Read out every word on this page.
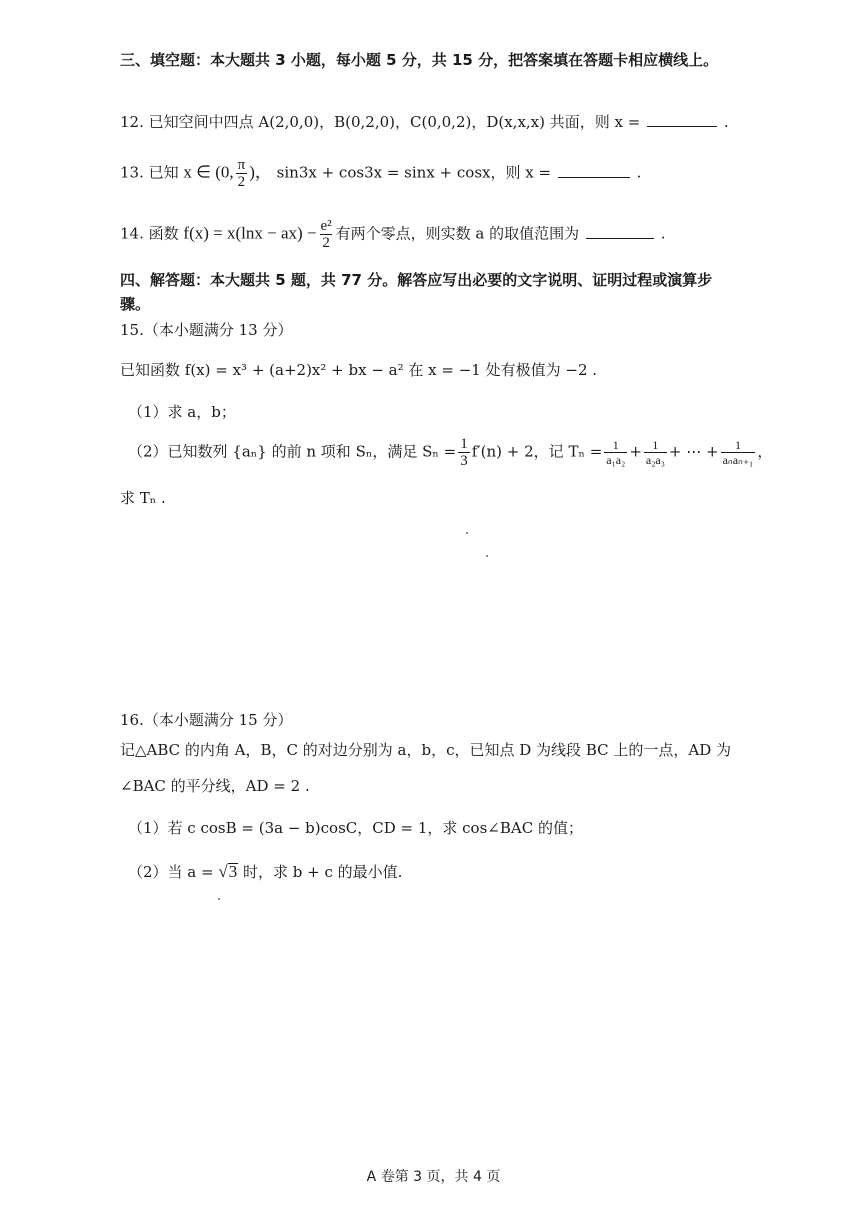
三、填空题：本大题共 3 小题，每小题 5 分，共 15 分，把答案填在答题卡相应横线上。
12. 已知空间中四点 A(2,0,0)，B(0,2,0)，C(0,0,2)，D(x,x,x) 共面，则 x =	.
13. 已知 x ∈ (0, $\frac{\pi}{2}$ )， sin3x + cos3x = sinx + cosx，则 x =	.
14. 函数 $f(x) = x(\ln x - ax) - \frac{\text{e²}}{2}$ 有两个零点，则实数 a 的取值范围为	.
四、解答题：本大题共 5 题，共 77 分。解答应写出必要的文字说明、证明过程或演算步
骤。
15.（本小题满分 13 分）
已知函数 f(x) = x³ + (a+2)x² + bx − a² 在 x = −1 处有极值为 −2 .
（1）求 a，b；
（2）已知数列 {aₙ} 的前 n 项和 Sₙ，满足 $S_n = \frac{1}{3} f'(n) + 2$，记 $T_n = \frac{1}{\text{a₁a₂}} + \frac{1}{\text{a₂a₃}}$ + ⋯ + $\frac{1}{\text{aₙaₙ₊₁}}$ ，
求 Tₙ .
16.（本小题满分 15 分）
记△ABC 的内角 A，B，C 的对边分别为 a，b，c，已知点 D 为线段 BC 上的一点，AD 为
∠BAC 的平分线，AD = 2 .
（1）若 c cosB = (3a − b)cosC，CD = 1，求 cos∠BAC 的值；
（2）当 a = √3 时，求 b + c 的最小值.
A 卷第 3 页，共 4 页
